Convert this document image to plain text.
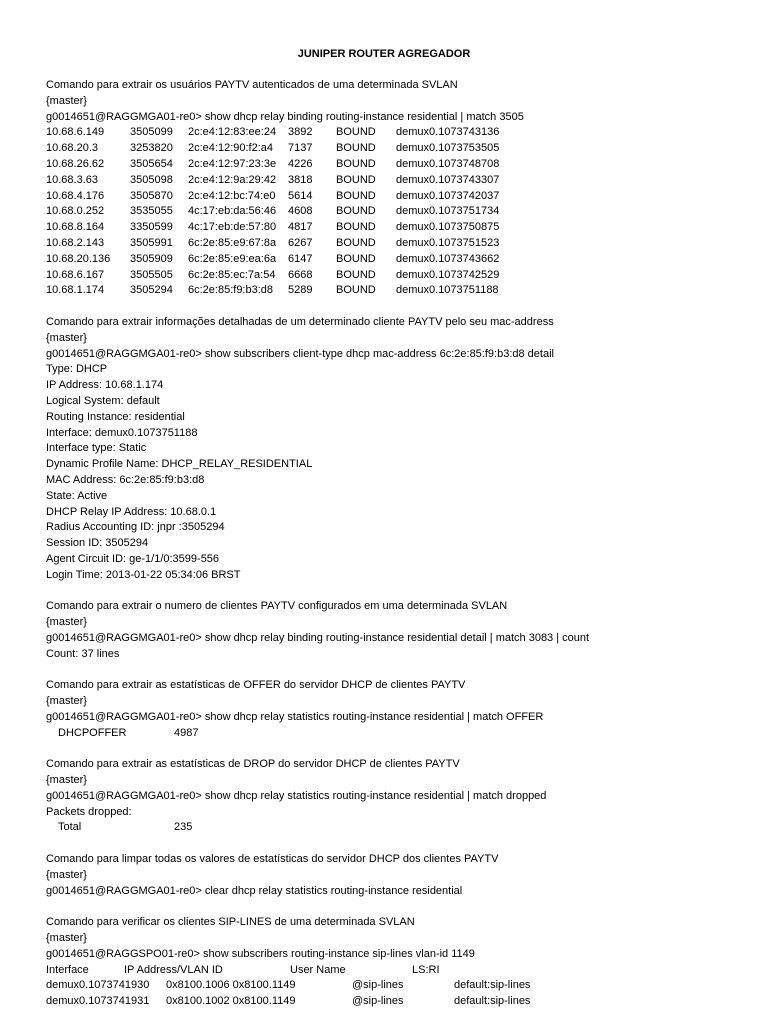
JUNIPER ROUTER AGREGADOR
Comando para extrair os usuários PAYTV autenticados de uma determinada SVLAN
{master}
g0014651@RAGGMGA01-re0> show dhcp relay binding routing-instance residential | match 3505
10.68.6.149	3505099	2c:e4:12:83:ee:24	3892	BOUND	demux0.1073743136
10.68.20.3	3253820	2c:e4:12:90:f2:a4	7137	BOUND	demux0.1073753505
10.68.26.62	3505654	2c:e4:12:97:23:3e	4226	BOUND	demux0.1073748708
10.68.3.63	3505098	2c:e4:12:9a:29:42	3818	BOUND	demux0.1073743307
10.68.4.176	3505870	2c:e4:12:bc:74:e0	5614	BOUND	demux0.1073742037
10.68.0.252	3535055	4c:17:eb:da:56:46	4608	BOUND	demux0.1073751734
10.68.8.164	3350599	4c:17:eb:de:57:80	4817	BOUND	demux0.1073750875
10.68.2.143	3505991	6c:2e:85:e9:67:8a	6267	BOUND	demux0.1073751523
10.68.20.136	3505909	6c:2e:85:e9:ea:6a	6147	BOUND	demux0.1073743662
10.68.6.167	3505505	6c:2e:85:ec:7a:54	6668	BOUND	demux0.1073742529
10.68.1.174	3505294	6c:2e:85:f9:b3:d8	5289	BOUND	demux0.1073751188
Comando para extrair informações detalhadas de um determinado cliente PAYTV pelo seu mac-address
{master}
g0014651@RAGGMGA01-re0> show subscribers client-type dhcp mac-address 6c:2e:85:f9:b3:d8 detail
Type: DHCP
IP Address: 10.68.1.174
Logical System: default
Routing Instance: residential
Interface: demux0.1073751188
Interface type: Static
Dynamic Profile Name: DHCP_RELAY_RESIDENTIAL
MAC Address: 6c:2e:85:f9:b3:d8
State: Active
DHCP Relay IP Address: 10.68.0.1
Radius Accounting ID: jnpr :3505294
Session ID: 3505294
Agent Circuit ID: ge-1/1/0:3599-556
Login Time: 2013-01-22 05:34:06 BRST
Comando para extrair o numero de clientes PAYTV configurados em uma determinada SVLAN
{master}
g0014651@RAGGMGA01-re0> show dhcp relay binding routing-instance residential detail | match 3083 | count
Count: 37 lines
Comando para extrair as estatísticas de OFFER do servidor DHCP de clientes PAYTV
{master}
g0014651@RAGGMGA01-re0> show dhcp relay statistics routing-instance residential | match OFFER
DHCPOFFER	4987
Comando para extrair as estatísticas de DROP do servidor DHCP de clientes PAYTV
{master}
g0014651@RAGGMGA01-re0> show dhcp relay statistics routing-instance residential | match dropped
Packets dropped:
Total	235
Comando para limpar todas os valores de estatísticas do servidor DHCP dos clientes PAYTV
{master}
g0014651@RAGGMGA01-re0> clear dhcp relay statistics routing-instance residential
Comando para verificar os clientes SIP-LINES de uma determinada SVLAN
{master}
g0014651@RAGGSPO01-re0> show subscribers routing-instance sip-lines vlan-id 1149
Interface	IP Address/VLAN ID	User Name	LS:RI
demux0.1073741930	0x8100.1006 0x8100.1149	@sip-lines	default:sip-lines
demux0.1073741931	0x8100.1002 0x8100.1149	@sip-lines	default:sip-lines
